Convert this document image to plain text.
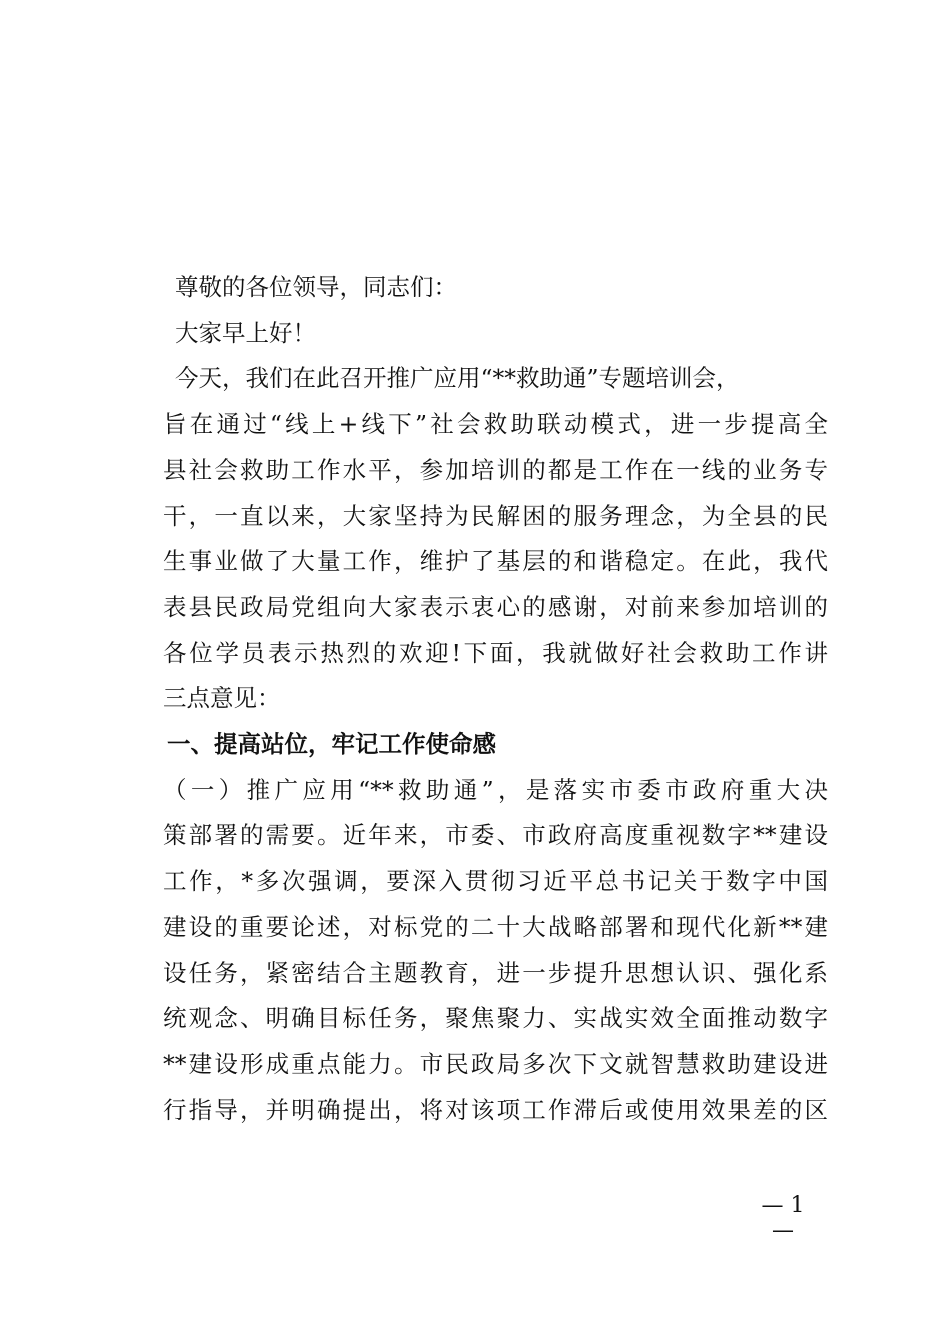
尊敬的各位领导，同志们：
大家早上好！
今天，我们在此召开推广应用“**救助通”专题培训会，
旨在通过“线上+线下”社会救助联动模式，进一步提高全
县社会救助工作水平，参加培训的都是工作在一线的业务专
干，一直以来，大家坚持为民解困的服务理念，为全县的民
生事业做了大量工作，维护了基层的和谐稳定。在此，我代
表县民政局党组向大家表示衷心的感谢，对前来参加培训的
各位学员表示热烈的欢迎!下面，我就做好社会救助工作讲
三点意见：
一、提高站位，牢记工作使命感
（一）推广应用“**救助通”，是落实市委市政府重大决
策部署的需要。近年来，市委、市政府高度重视数字**建设
工作，*多次强调，要深入贯彻习近平总书记关于数字中国
建设的重要论述，对标党的二十大战略部署和现代化新**建
设任务，紧密结合主题教育，进一步提升思想认识、强化系
统观念、明确目标任务，聚焦聚力、实战实效全面推动数字
**建设形成重点能力。市民政局多次下文就智慧救助建设进
行指导，并明确提出，将对该项工作滞后或使用效果差的区
— 1 —
